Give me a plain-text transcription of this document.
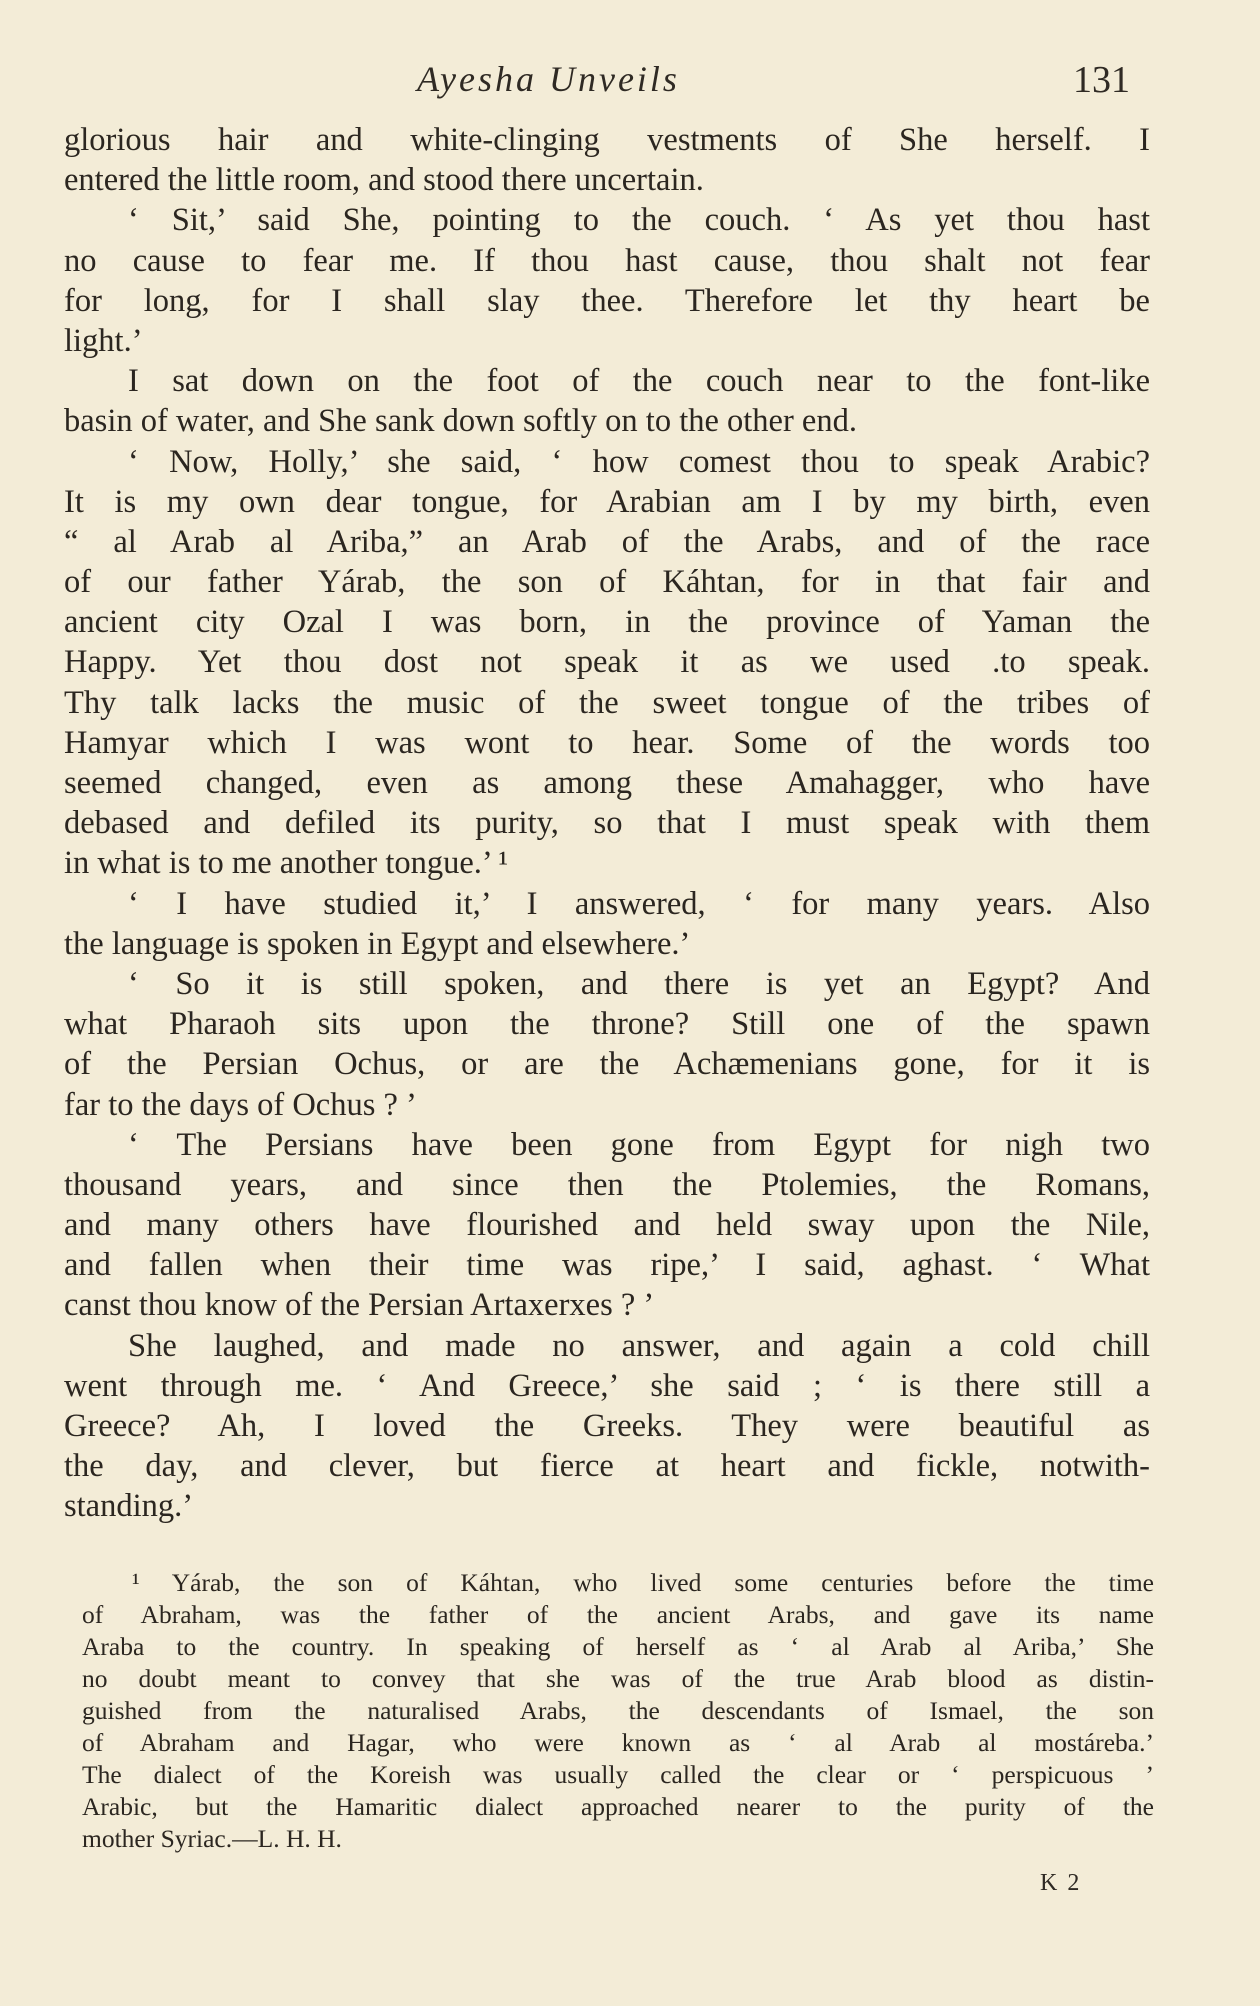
Ayesha Unveils	131
glorious hair and white-clinging vestments of She herself. I
entered the little room, and stood there uncertain.
‘ Sit,’ said She, pointing to the couch. ‘ As yet thou hast
no cause to fear me. If thou hast cause, thou shalt not fear
for long, for I shall slay thee. Therefore let thy heart be
light.’
I sat down on the foot of the couch near to the font-like
basin of water, and She sank down softly on to the other end.
‘ Now, Holly,’ she said, ‘ how comest thou to speak Arabic?
It is my own dear tongue, for Arabian am I by my birth, even
“ al Arab al Ariba,” an Arab of the Arabs, and of the race
of our father Yárab, the son of Káhtan, for in that fair and
ancient city Ozal I was born, in the province of Yaman the
Happy. Yet thou dost not speak it as we used .to speak.
Thy talk lacks the music of the sweet tongue of the tribes of
Hamyar which I was wont to hear. Some of the words too
seemed changed, even as among these Amahagger, who have
debased and defiled its purity, so that I must speak with them
in what is to me another tongue.’ ¹
‘ I have studied it,’ I answered, ‘ for many years. Also
the language is spoken in Egypt and elsewhere.’
‘ So it is still spoken, and there is yet an Egypt? And
what Pharaoh sits upon the throne? Still one of the spawn
of the Persian Ochus, or are the Achæmenians gone, for it is
far to the days of Ochus ? ’
‘ The Persians have been gone from Egypt for nigh two
thousand years, and since then the Ptolemies, the Romans,
and many others have flourished and held sway upon the Nile,
and fallen when their time was ripe,’ I said, aghast. ‘ What
canst thou know of the Persian Artaxerxes ? ’
She laughed, and made no answer, and again a cold chill
went through me. ‘ And Greece,’ she said ; ‘ is there still a
Greece? Ah, I loved the Greeks. They were beautiful as
the day, and clever, but fierce at heart and fickle, notwith-
standing.’
¹ Yárab, the son of Káhtan, who lived some centuries before the time
of Abraham, was the father of the ancient Arabs, and gave its name
Araba to the country. In speaking of herself as ‘ al Arab al Ariba,’ She
no doubt meant to convey that she was of the true Arab blood as distin-
guished from the naturalised Arabs, the descendants of Ismael, the son
of Abraham and Hagar, who were known as ‘ al Arab al mostáreba.’
The dialect of the Koreish was usually called the clear or ‘ perspicuous ’
Arabic, but the Hamaritic dialect approached nearer to the purity of the
mother Syriac.—L. H. H.
K 2
